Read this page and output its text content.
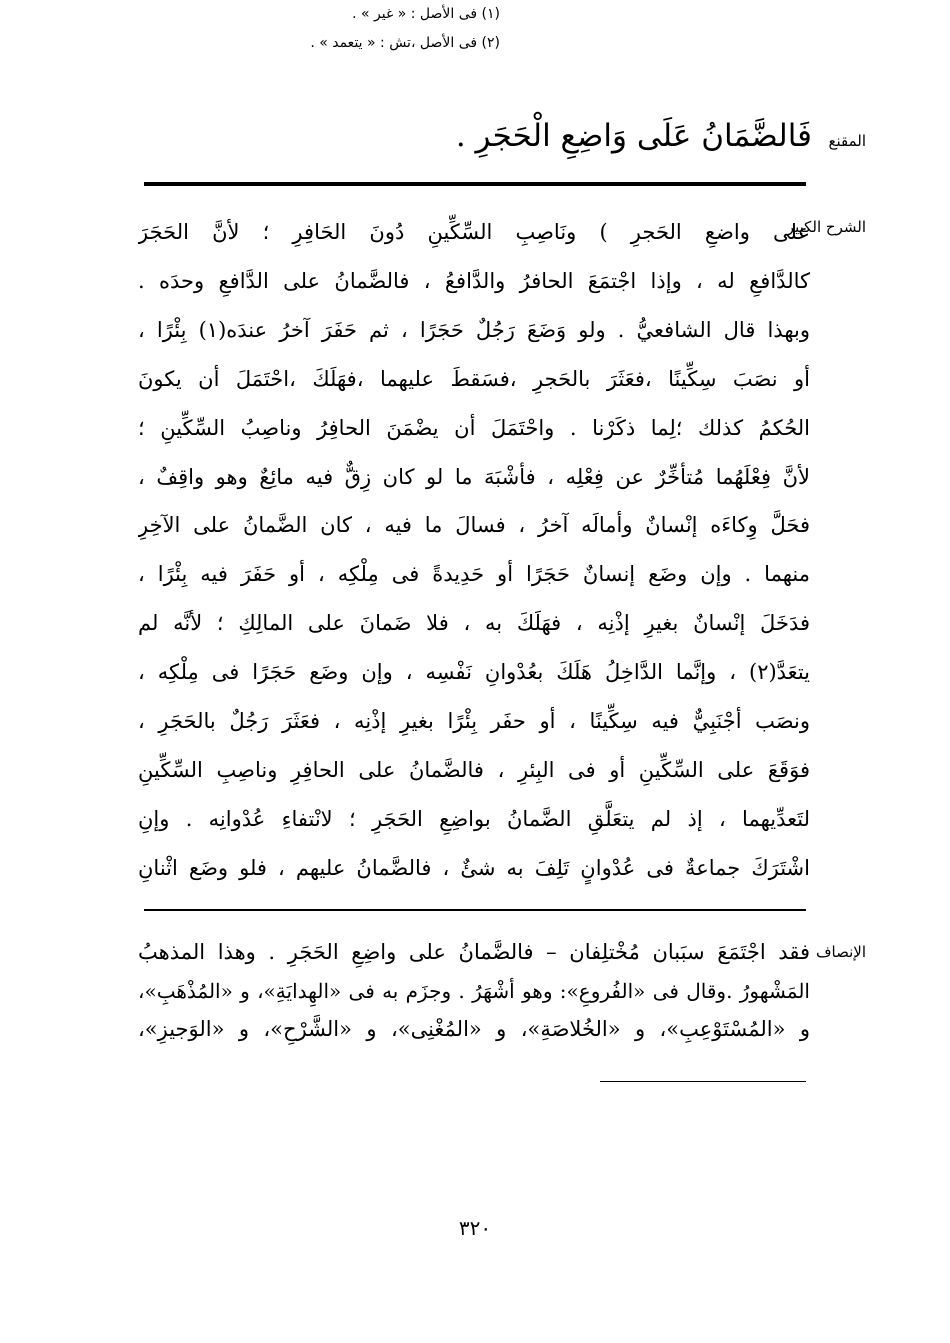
المقنع
فَالضَّمَانُ عَلَى وَاضِعِ الْحَجَرِ .
الشرح الكبير
على واضعِ الحَجرِ ) ونَاصِبِ السِّكِّينِ دُونَ الحَافِرِ ؛ لأنَّ الحَجَرَ
كالدَّافعِ له ، وإذا اجْتمَعَ الحافرُ والدَّافعُ ، فالضَّمانُ على الدَّافعِ وحدَه .
وبهذا قال الشافعيُّ . ولو وَضَعَ رَجُلٌ حَجَرًا ، ثم حَفَرَ آخرُ عندَه(١) بِئْرًا ،
أو نصَبَ سِكِّينًا ،فعَثَرَ بالحَجرِ ،فسَقطَ عليهما ،فهَلَكَ ،احْتَمَلَ أن يكونَ
الحُكمُ كذلك ؛لِما ذكَرْنا . واحْتَمَلَ أن يضْمَنَ الحافِرُ وناصِبُ السِّكِّينِ ؛
لأنَّ فِعْلَهُما مُتأخِّرٌ عن فِعْلِه ، فأشْبَهَ ما لو كان زِقٌّ فيه مائِعٌ وهو واقِفٌ ،
فحَلَّ وِكاءَه إنْسانٌ وأمالَه آخرُ ، فسالَ ما فيه ، كان الضَّمانُ على الآخِرِ
منهما . وإن وضَع إنسانٌ حَجَرًا أو حَدِيدةً فى مِلْكِه ، أو حَفَرَ فيه بِئْرًا ،
فدَخَلَ إنْسانٌ بغيرِ إذْنِه ، فهَلَكَ به ، فلا ضَمانَ على المالِكِ ؛ لأنَّه لم
يتعَدَّ(٢) ، وإنَّما الدَّاخِلُ هَلَكَ بعُدْوانِ نَفْسِه ، وإن وضَع حَجَرًا فى مِلْكِه ،
ونصَب أجْنَبِيٌّ فيه سِكِّينًا ، أو حفَر بِئْرًا بغيرِ إذْنِه ، فعَثَرَ رَجُلٌ بالحَجَرِ ،
فوَقَعَ على السِّكِّينِ أو فى البِئرِ ، فالضَّمانُ على الحافِرِ وناصِبِ السِّكِّينِ
لتَعدِّيهما ، إذ لم يتعَلَّقِ الضَّمانُ بواضِعِ الحَجَرِ ؛ لانْتفاءِ عُدْوانِه . وإنِ
اشْتَرَكَ جماعةٌ فى عُدْوانٍ تَلِفَ به شئٌ ، فالضَّمانُ عليهم ، فلو وضَع اثْنانِ
الإنصاف
فقد اجْتَمَعَ سبَبان مُخْتلِفان – فالضَّمانُ على واضِعِ الحَجَرِ . وهذا المذهبُ
المَشْهورُ .وقال فى «الفُروعِ»: وهو أشْهَرُ . وجزَم به فى «الهِدايَةِ»، و «المُذْهَبِ»،
و «المُسْتَوْعِبِ»، و «الخُلاصَةِ»، و «المُغْنِى»، و «الشَّرْحِ»، و «الوَجيزِ»،
(١) فى الأصل : « غير » .
(٢) فى الأصل ،تش : « يتعمد » .
٣٢٠
